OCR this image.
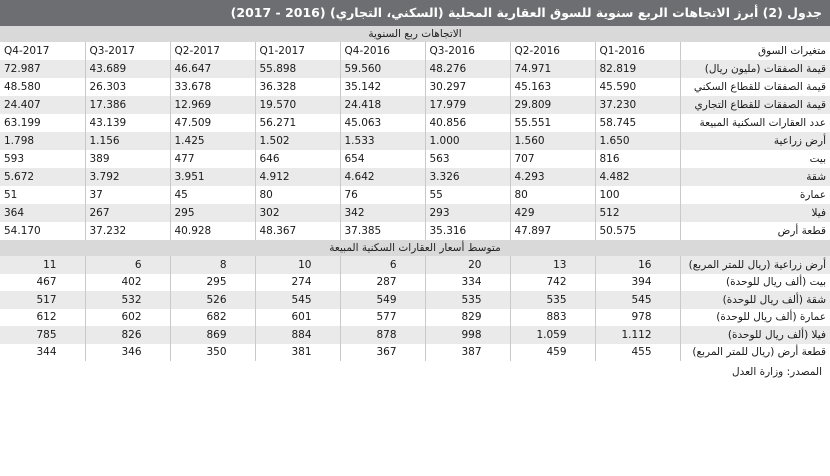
جدول (2) أبرز الاتجاهات الربع سنوية للسوق العقارية المحلية (السكني، التجاري) (2016 - 2017)
الاتجاهات ربع السنوية
متغيرات السوق	2016-Q1	2016-Q2	2016-Q3	2016-Q4	2017-Q1	2017-Q2	2017-Q3	2017-Q4
قيمة الصفقات (مليون ريال)	82.819	74.971	48.276	59.560	55.898	46.647	43.689	72.987
قيمة الصفقات للقطاع السكني	45.590	45.163	30.297	35.142	36.328	33.678	26.303	48.580
قيمة الصفقات للقطاع التجاري	37.230	29.809	17.979	24.418	19.570	12.969	17.386	24.407
عدد العقارات السكنية المبيعة	58.745	55.551	40.856	45.063	56.271	47.509	43.139	63.199
أرض زراعية	1.650	1.560	1.000	1.533	1.502	1.425	1.156	1.798
بيت	816	707	563	654	646	477	389	593
شقة	4.482	4.293	3.326	4.642	4.912	3.951	3.792	5.672
عمارة	100	80	55	76	80	45	37	51
فيلا	512	429	293	342	302	295	267	364
قطعة أرض	50.575	47.897	35.316	37.385	48.367	40.928	37.232	54.170
متوسط أسعار العقارات السكنية المبيعة
أرض زراعية (ريال للمتر المربع)	16	13	20	6	10	8	6	11
بيت (ألف ريال للوحدة)	394	742	334	287	274	295	402	467
شقة (ألف ريال للوحدة)	545	535	535	549	545	526	532	517
عمارة (ألف ريال للوحدة)	978	883	829	577	601	682	602	612
فيلا (ألف ريال للوحدة)	1.112	1.059	998	878	884	869	826	785
قطعة أرض (ريال للمتر المربع)	455	459	387	367	381	350	346	344
المصدر: وزارة العدل
